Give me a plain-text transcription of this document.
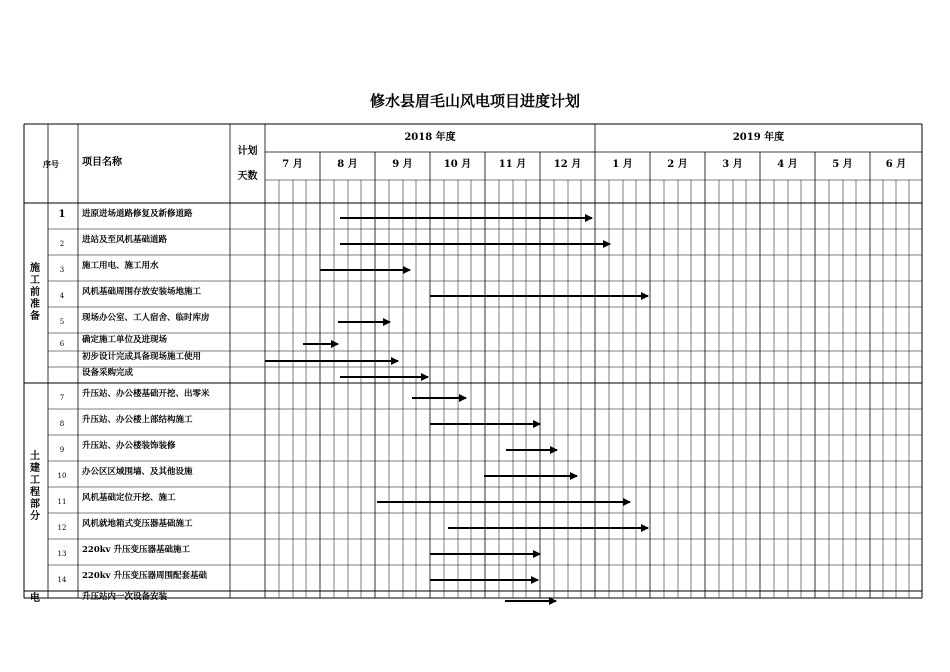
修水县眉毛山风电项目进度计划
序号	项目名称
计划
天数
2018 年度	2019 年度
7 月	8 月	9 月	10 月	11 月	12 月	1 月	2 月	3 月	4 月	5 月	6 月
施
工
前
准
备
土
建
工
程
部
分
电
1	进原进场道路修复及新修道路
2	进站及至风机基础道路
3	施工用电、施工用水
4	风机基础周围存放安装场地施工
5	现场办公室、工人宿舍、临时库房
6	确定施工单位及进现场
初步设计完成具备现场施工使用
设备采购完成
7	升压站、办公楼基础开挖、出零米
8	升压站、办公楼上部结构施工
9	升压站、办公楼装饰装修
10	办公区区域围墙、及其他设施
11	风机基础定位开挖、施工
12	风机就地箱式变压器基础施工
13	220kv 升压变压器基础施工
14	220kv 升压变压器周围配套基础
升压站内一次设备安装
